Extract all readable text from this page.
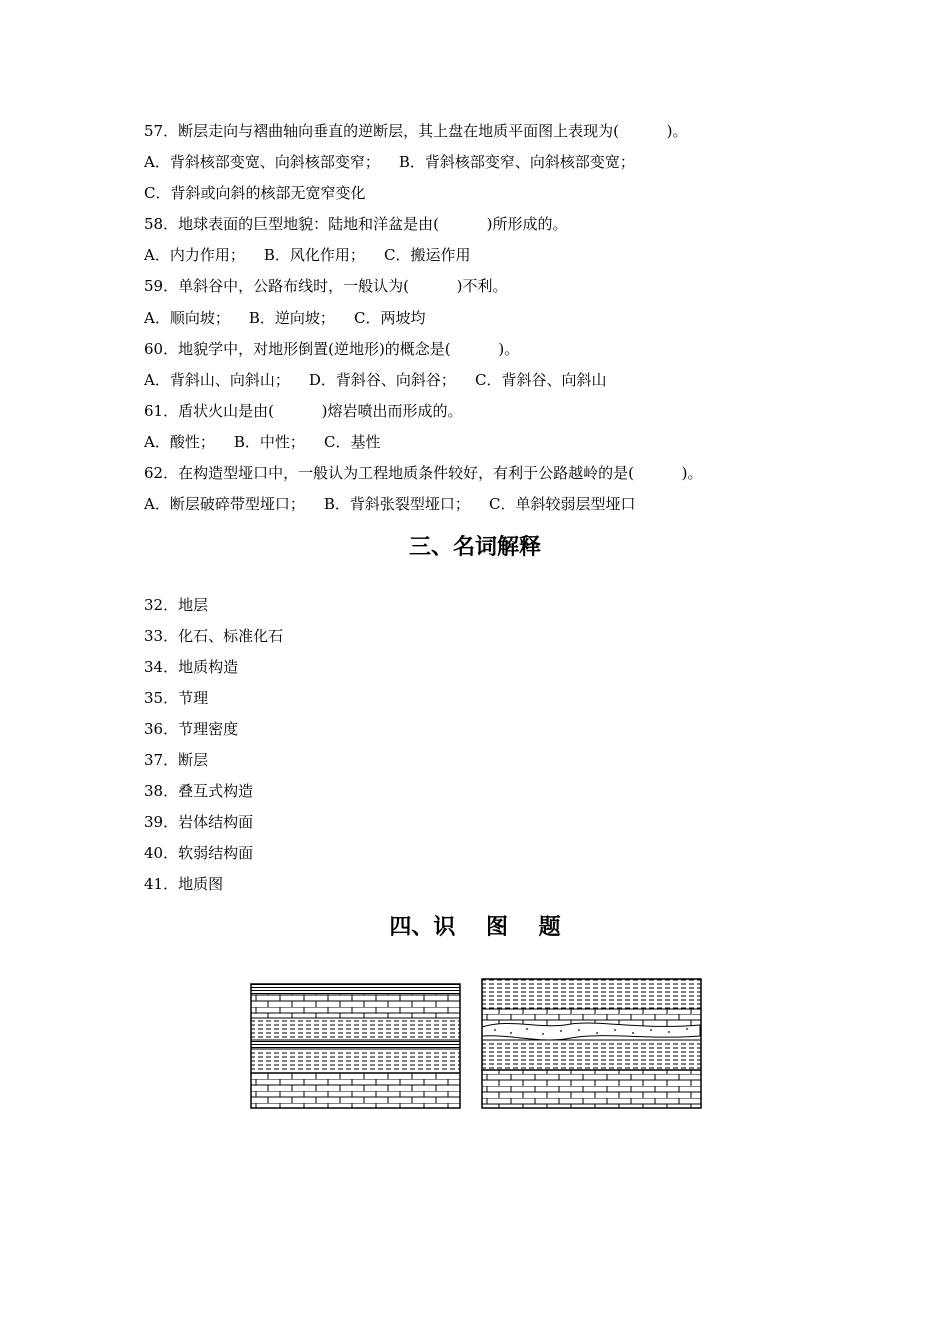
57．断层走向与褶曲轴向垂直的逆断层，其上盘在地质平面图上表现为(          )。
A．背斜核部变宽、向斜核部变窄；    B．背斜核部变窄、向斜核部变宽；
C．背斜或向斜的核部无宽窄变化
58．地球表面的巨型地貌：陆地和洋盆是由(          )所形成的。
A．内力作用；    B．风化作用；    C．搬运作用
59．单斜谷中，公路布线时，一般认为(          )不利。
A．顺向坡；    B．逆向坡；    C．两坡均
60．地貌学中，对地形倒置(逆地形)的概念是(          )。
A．背斜山、向斜山；    D．背斜谷、向斜谷；    C．背斜谷、向斜山
61．盾状火山是由(          )熔岩喷出而形成的。
A．酸性；    B．中性；    C．基性
62．在构造型垭口中，一般认为工程地质条件较好，有利于公路越岭的是(          )。
A．断层破碎带型垭口；    B．背斜张裂型垭口；    C．单斜较弱层型垭口
三、名词解释
32．地层
33．化石、标准化石
34．地质构造
35．节理
36．节理密度
37．断层
38．叠互式构造
39．岩体结构面
40．软弱结构面
41．地质图
四、识    图    题
